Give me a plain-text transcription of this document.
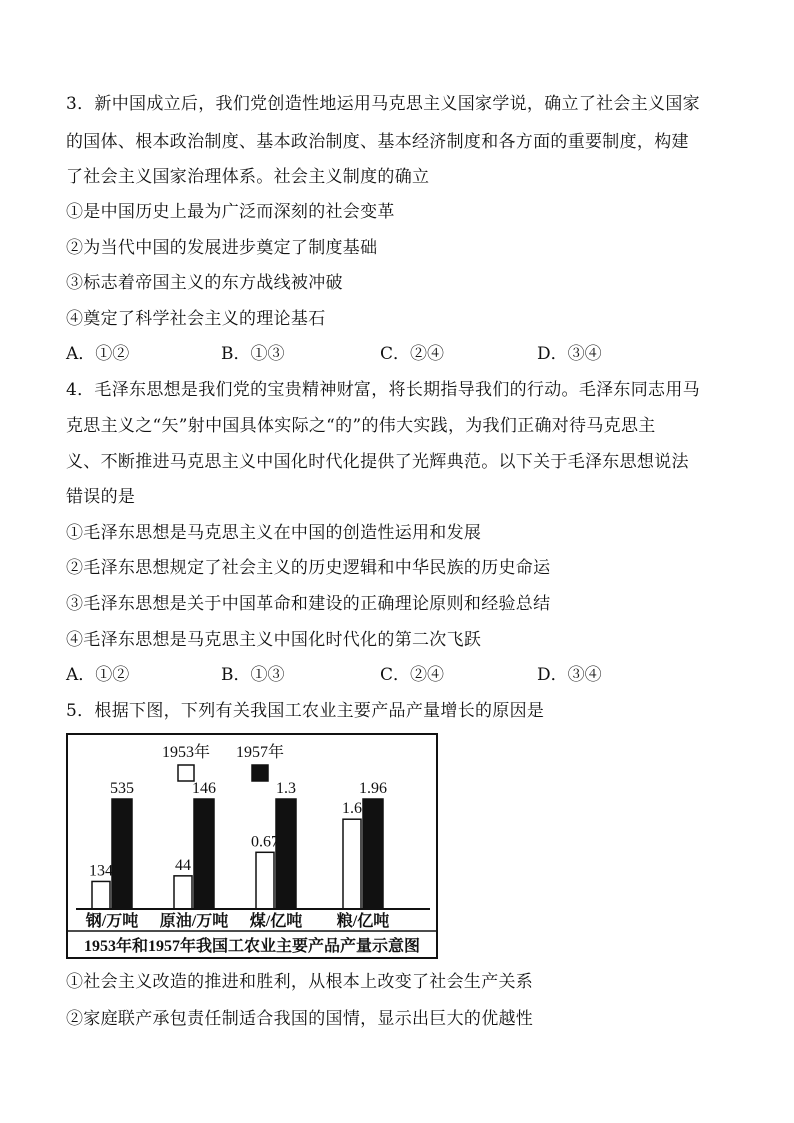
3．新中国成立后，我们党创造性地运用马克思主义国家学说，确立了社会主义国家
的国体、根本政治制度、基本政治制度、基本经济制度和各方面的重要制度，构建
了社会主义国家治理体系。社会主义制度的确立
①是中国历史上最为广泛而深刻的社会变革
②为当代中国的发展进步奠定了制度基础
③标志着帝国主义的东方战线被冲破
④奠定了科学社会主义的理论基石
A．①②	B．①③	C．②④	D．③④
4．毛泽东思想是我们党的宝贵精神财富，将长期指导我们的行动。毛泽东同志用马
克思主义之“矢”射中国具体实际之“的”的伟大实践，为我们正确对待马克思主
义、不断推进马克思主义中国化时代化提供了光辉典范。以下关于毛泽东思想说法
错误的是
①毛泽东思想是马克思主义在中国的创造性运用和发展
②毛泽东思想规定了社会主义的历史逻辑和中华民族的历史命运
③毛泽东思想是关于中国革命和建设的正确理论原则和经验总结
④毛泽东思想是马克思主义中国化时代化的第二次飞跃
A．①②	B．①③	C．②④	D．③④
5．根据下图，下列有关我国工农业主要产品产量增长的原因是
1953年 1957年
134
535
44
146
0.67
1.3
1.6
1.96
钢/万吨 原油/万吨 煤/亿吨 粮/亿吨
1953年和1957年我国工农业主要产品产量示意图
①社会主义改造的推进和胜利，从根本上改变了社会生产关系
②家庭联产承包责任制适合我国的国情，显示出巨大的优越性
